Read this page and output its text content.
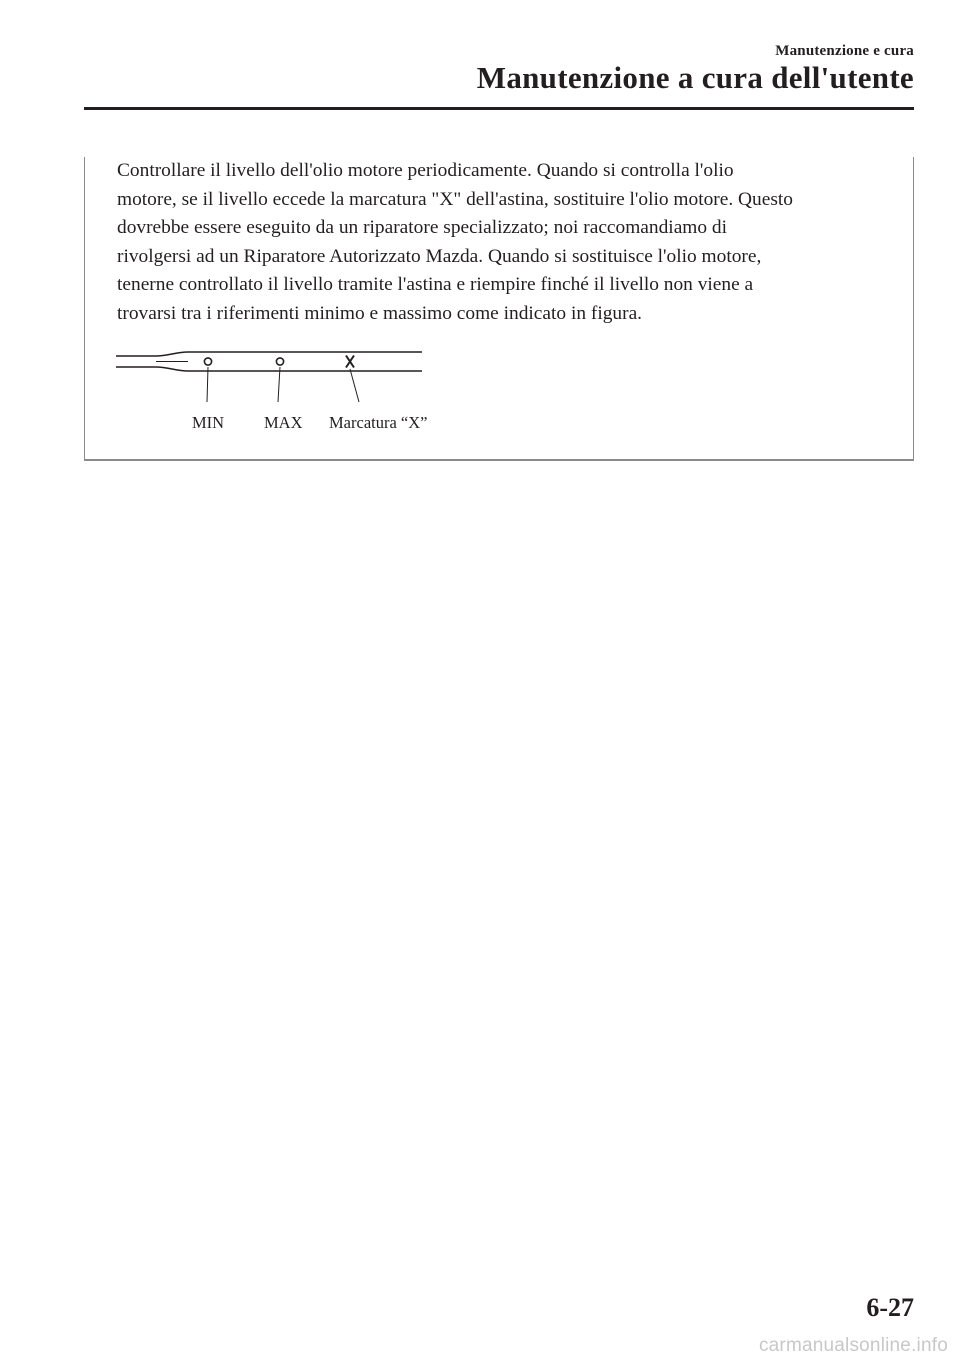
Manutenzione e cura
Manutenzione a cura dell'utente
Controllare il livello dell'olio motore periodicamente. Quando si controlla l'olio
motore, se il livello eccede la marcatura "X" dell'astina, sostituire l'olio motore. Questo
dovrebbe essere eseguito da un riparatore specializzato; noi raccomandiamo di
rivolgersi ad un Riparatore Autorizzato Mazda. Quando si sostituisce l'olio motore,
tenerne controllato il livello tramite l'astina e riempire finché il livello non viene a
trovarsi tra i riferimenti minimo e massimo come indicato in figura.
MIN MAX Marcatura “X”
6-27
carmanualsonline.info
